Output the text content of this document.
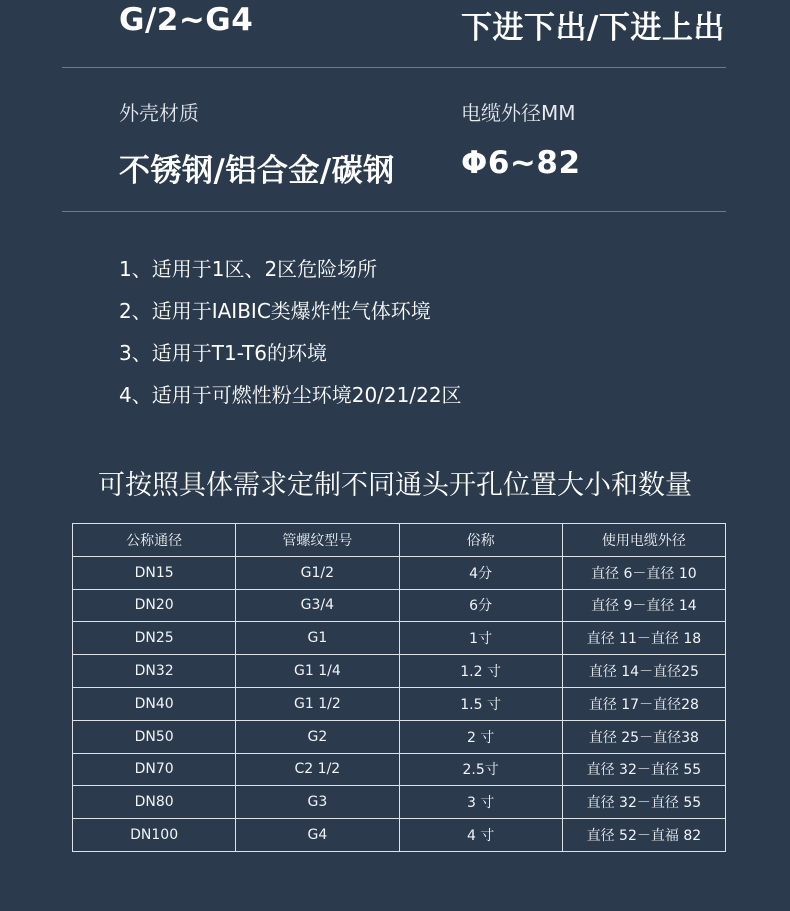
G/2~G4	下进下出/下进上出
外壳材质	电缆外径MM
不锈钢/铝合金/碳钢 Φ6~82
1、适用于1区、2区危险场所
2、适用于IAIBIC类爆炸性气体环境
3、适用于T1-T6的环境
4、适用于可燃性粉尘环境20/21/22区
可按照具体需求定制不同通头开孔位置大小和数量
公称通径	管螺纹型号	俗称	使用电缆外径
DN15	G1/2	4分	直径 6－直径 10
DN20	G3/4	6分	直径 9－直径 14
DN25	G1	1寸	直径 11－直径 18
DN32	G1 1/4	1.2 寸	直径 14－直径25
DN40	G1 1/2	1.5 寸	直径 17－直径28
DN50	G2	2 寸	直径 25－直径38
DN70	C2 1/2	2.5寸	直径 32－直径 55
DN80	G3	3 寸	直径 32－直径 55
DN100	G4	4 寸	直径 52－直福 82
